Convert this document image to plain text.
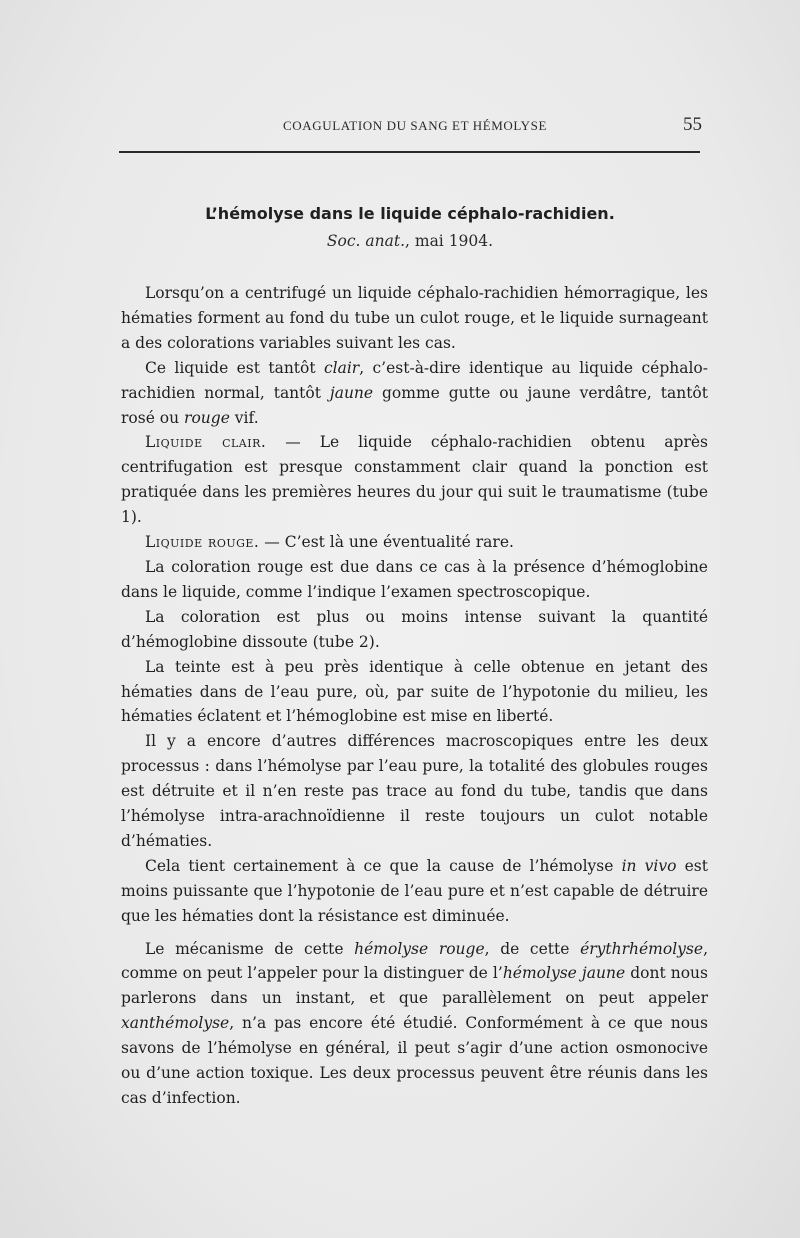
COAGULATION DU SANG ET HÉMOLYSE	55
L’hémolyse dans le liquide céphalo-rachidien.
Soc. anat., mai 1904.

Lorsqu’on a centrifugé un liquide céphalo-rachidien hémorragique, les hématies forment au fond du tube un culot rouge, et le liquide surnageant a des colorations variables suivant les cas.

Ce liquide est tantôt clair, c’est-à-dire identique au liquide céphalo-rachidien normal, tantôt jaune gomme gutte ou jaune verdâtre, tantôt rosé ou rouge vif.

Liquide clair. — Le liquide céphalo-rachidien obtenu après centrifugation est presque constamment clair quand la ponction est pratiquée dans les premières heures du jour qui suit le traumatisme (tube 1).

Liquide rouge. — C’est là une éventualité rare.

La coloration rouge est due dans ce cas à la présence d’hémoglobine dans le liquide, comme l’indique l’examen spectroscopique.

La coloration est plus ou moins intense suivant la quantité d’hémoglobine dissoute (tube 2).

La teinte est à peu près identique à celle obtenue en jetant des hématies dans de l’eau pure, où, par suite de l’hypotonie du milieu, les hématies éclatent et l’hémoglobine est mise en liberté.

Il y a encore d’autres différences macroscopiques entre les deux processus : dans l’hémolyse par l’eau pure, la totalité des globules rouges est détruite et il n’en reste pas trace au fond du tube, tandis que dans l’hémolyse intra-arachnoïdienne il reste toujours un culot notable d’hématies.

Cela tient certainement à ce que la cause de l’hémolyse in vivo est moins puissante que l’hypotonie de l’eau pure et n’est capable de détruire que les hématies dont la résistance est diminuée.

Le mécanisme de cette hémolyse rouge, de cette érythrhémolyse, comme on peut l’appeler pour la distinguer de l’hémolyse jaune dont nous parlerons dans un instant, et que parallèlement on peut appeler xanthémolyse, n’a pas encore été étudié. Conformément à ce que nous savons de l’hémolyse en général, il peut s’agir d’une action osmonocive ou d’une action toxique. Les deux processus peuvent être réunis dans les cas d’infection.
